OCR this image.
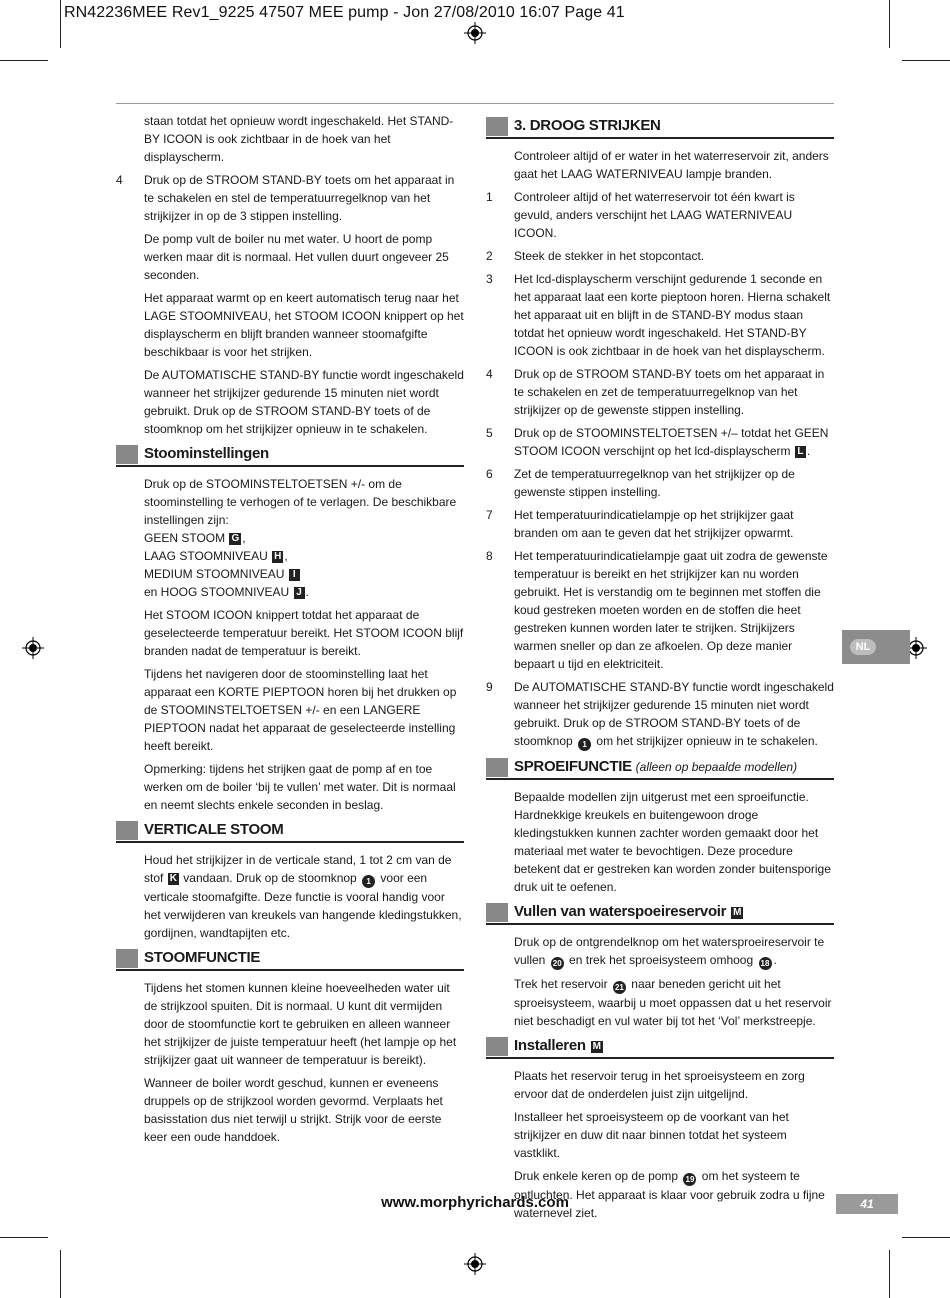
RN42236MEE Rev1_9225 47507 MEE pump - Jon 27/08/2010 16:07 Page 41

staan totdat het opnieuw wordt ingeschakeld. Het STAND-BY ICOON is ook zichtbaar in de hoek van het displayscherm.

4 Druk op de STROOM STAND-BY toets om het apparaat in te schakelen en stel de temperatuurregelknop van het strijkijzer in op de 3 stippen instelling.

De pomp vult de boiler nu met water. U hoort de pomp werken maar dit is normaal. Het vullen duurt ongeveer 25 seconden.

Het apparaat warmt op en keert automatisch terug naar het LAGE STOOMNIVEAU, het STOOM ICOON knippert op het displayscherm en blijft branden wanneer stoomafgifte beschikbaar is voor het strijken.

De AUTOMATISCHE STAND-BY functie wordt ingeschakeld wanneer het strijkijzer gedurende 15 minuten niet wordt gebruikt. Druk op de STROOM STAND-BY toets of de stoomknop om het strijkijzer opnieuw in te schakelen.

Stoominstellingen
Druk op de STOOMINSTELTOETSEN +/- om de stoominstelling te verhogen of te verlagen. De beschikbare instellingen zijn:
GEEN STOOM G ,
LAAG STOOMNIVEAU H ,
MEDIUM STOOMNIVEAU I
en HOOG STOOMNIVEAU J .

Het STOOM ICOON knippert totdat het apparaat de geselecteerde temperatuur bereikt. Het STOOM ICOON blijf branden nadat de temperatuur is bereikt.

Tijdens het navigeren door de stoominstelling laat het apparaat een KORTE PIEPTOON horen bij het drukken op de STOOMINSTELTOETSEN +/- en een LANGERE PIEPTOON nadat het apparaat de geselecteerde instelling heeft bereikt.

Opmerking: tijdens het strijken gaat de pomp af en toe werken om de boiler ‘bij te vullen’ met water. Dit is normaal en neemt slechts enkele seconden in beslag.

VERTICALE STOOM

Houd het strijkijzer in de verticale stand, 1 tot 2 cm van de stof K vandaan. Druk op de stoomknop 1 voor een verticale stoomafgifte. Deze functie is vooral handig voor het verwijderen van kreukels van hangende kledingstukken, gordijnen, wandtapijten etc.

STOOMFUNCTIE

Tijdens het stomen kunnen kleine hoeveelheden water uit de strijkzool spuiten. Dit is normaal. U kunt dit vermijden door de stoomfunctie kort te gebruiken en alleen wanneer het strijkijzer de juiste temperatuur heeft (het lampje op het strijkijzer gaat uit wanneer de temperatuur is bereikt).

Wanneer de boiler wordt geschud, kunnen er eveneens druppels op de strijkzool worden gevormd. Verplaats het basisstation dus niet terwijl u strijkt. Strijk voor de eerste keer een oude handdoek.

3. DROOG STRIJKEN

Controleer altijd of er water in het waterreservoir zit, anders gaat het LAAG WATERNIVEAU lampje branden.

1 Controleer altijd of het waterreservoir tot één kwart is gevuld, anders verschijnt het LAAG WATERNIVEAU ICOON.

2 Steek de stekker in het stopcontact.

3 Het lcd-displayscherm verschijnt gedurende 1 seconde en het apparaat laat een korte pieptoon horen. Hierna schakelt het apparaat uit en blijft in de STAND-BY modus staan totdat het opnieuw wordt ingeschakeld. Het STAND-BY ICOON is ook zichtbaar in de hoek van het displayscherm.

4 Druk op de STROOM STAND-BY toets om het apparaat in te schakelen en zet de temperatuurregelknop van het strijkijzer op de gewenste stippen instelling.

5 Druk op de STOOMINSTELTOETSEN +/– totdat het GEEN STOOM ICOON verschijnt op het lcd-displayscherm L .

6 Zet de temperatuurregelknop van het strijkijzer op de gewenste stippen instelling.

7 Het temperatuurindicatielampje op het strijkijzer gaat branden om aan te geven dat het strijkijzer opwarmt.

8 Het temperatuurindicatielampje gaat uit zodra de gewenste temperatuur is bereikt en het strijkijzer kan nu worden gebruikt. Het is verstandig om te beginnen met stoffen die koud gestreken moeten worden en de stoffen die heet gestreken kunnen worden later te strijken. Strijkijzers warmen sneller op dan ze afkoelen. Op deze manier bepaart u tijd en elektriciteit.

9 De AUTOMATISCHE STAND-BY functie wordt ingeschakeld wanneer het strijkijzer gedurende 15 minuten niet wordt gebruikt. Druk op de STROOM STAND-BY toets of de stoomknop 1 om het strijkijzer opnieuw in te schakelen.

SPROEIFUNCTIE (alleen op bepaalde modellen)

Bepaalde modellen zijn uitgerust met een sproeifunctie. Hardnekkige kreukels en buitengewoon droge kledingstukken kunnen zachter worden gemaakt door het materiaal met water te bevochtigen. Deze procedure betekent dat er gestreken kan worden zonder buitensporige druk uit te oefenen.

Vullen van waterspoeireservoir M

Druk op de ontgrendelknop om het watersproeireservoir te vullen 20 en trek het sproeisysteem omhoog 18 .

Trek het reservoir 21 naar beneden gericht uit het sproeisysteem, waarbij u moet oppassen dat u het reservoir niet beschadigt en vul water bij tot het ‘Vol’ merkstreepje.

Installeren M

Plaats het reservoir terug in het sproeisysteem en zorg ervoor dat de onderdelen juist zijn uitgelijnd.

Installeer het sproeisysteem op de voorkant van het strijkijzer en duw dit naar binnen totdat het systeem vastklikt.

Druk enkele keren op de pomp 19 om het systeem te ontluchten. Het apparaat is klaar voor gebruik zodra u fijne waternevel ziet.

NL
www.morphyrichards.com	41
